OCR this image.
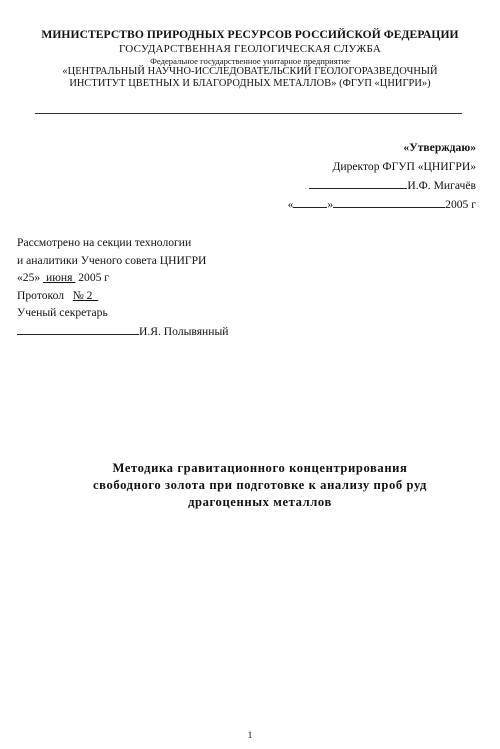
МИНИСТЕРСТВО ПРИРОДНЫХ РЕСУРСОВ РОССИЙСКОЙ ФЕДЕРАЦИИ
ГОСУДАРСТВЕННАЯ ГЕОЛОГИЧЕСКАЯ СЛУЖБА
Федеральное государственное унитарное предприятие
«ЦЕНТРАЛЬНЫЙ НАУЧНО-ИССЛЕДОВАТЕЛЬСКИЙ ГЕОЛОГОРАЗВЕДОЧНЫЙ
ИНСТИТУТ ЦВЕТНЫХ И БЛАГОРОДНЫХ МЕТАЛЛОВ» (ФГУП «ЦНИГРИ»)
«Утверждаю»
Директор ФГУП «ЦНИГРИ»
И.Ф. Мигачёв
«	»	2005 г
Рассмотрено на секции технологии
и аналитики Ученого совета ЦНИГРИ
«25» июня 2005 г
Протокол № 2
Ученый секретарь
И.Я. Полывянный
Методика гравитационного концентрирования
свободного золота при подготовке к анализу проб руд
драгоценных металлов
1
